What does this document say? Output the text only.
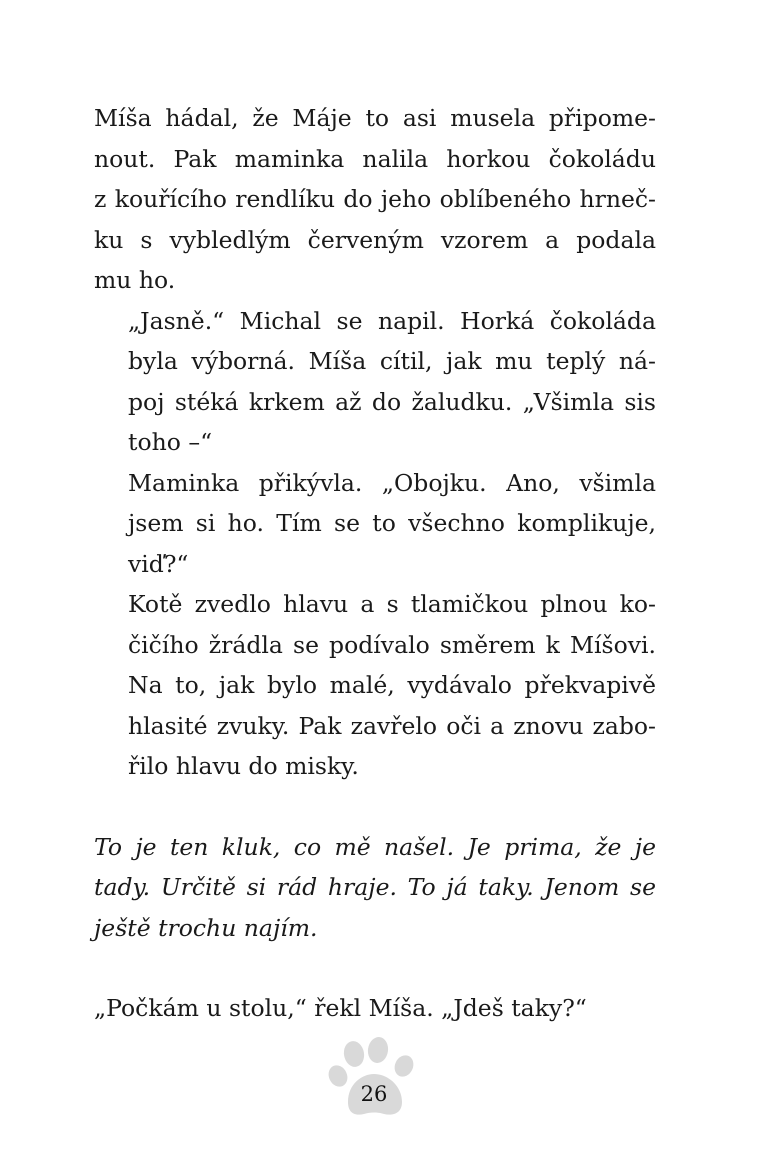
Míša hádal, že Máje to asi musela připome-
nout. Pak maminka nalila horkou čokoládu
z kouřícího rendlíku do jeho oblíbeného hrneč-
ku s vybledlým červeným vzorem a podala
mu ho.

„Jasně.“ Michal se napil. Horká čokoláda
byla výborná. Míša cítil, jak mu teplý ná-
poj stéká krkem až do žaludku. „Všimla sis
toho –“

Maminka přikývla. „Obojku. Ano, všimla
jsem si ho. Tím se to všechno komplikuje,
viď?“

Kotě zvedlo hlavu a s tlamičkou plnou ko-
čičího žrádla se podívalo směrem k Míšovi.
Na to, jak bylo malé, vydávalo překvapivě
hlasité zvuky. Pak zavřelo oči a znovu zabo-
řilo hlavu do misky.

To je ten kluk, co mě našel. Je prima, že je
tady. Určitě si rád hraje. To já taky. Jenom se
ještě trochu najím.
„Počkám u stolu,“ řekl Míša. „Jdeš taky?“
26
